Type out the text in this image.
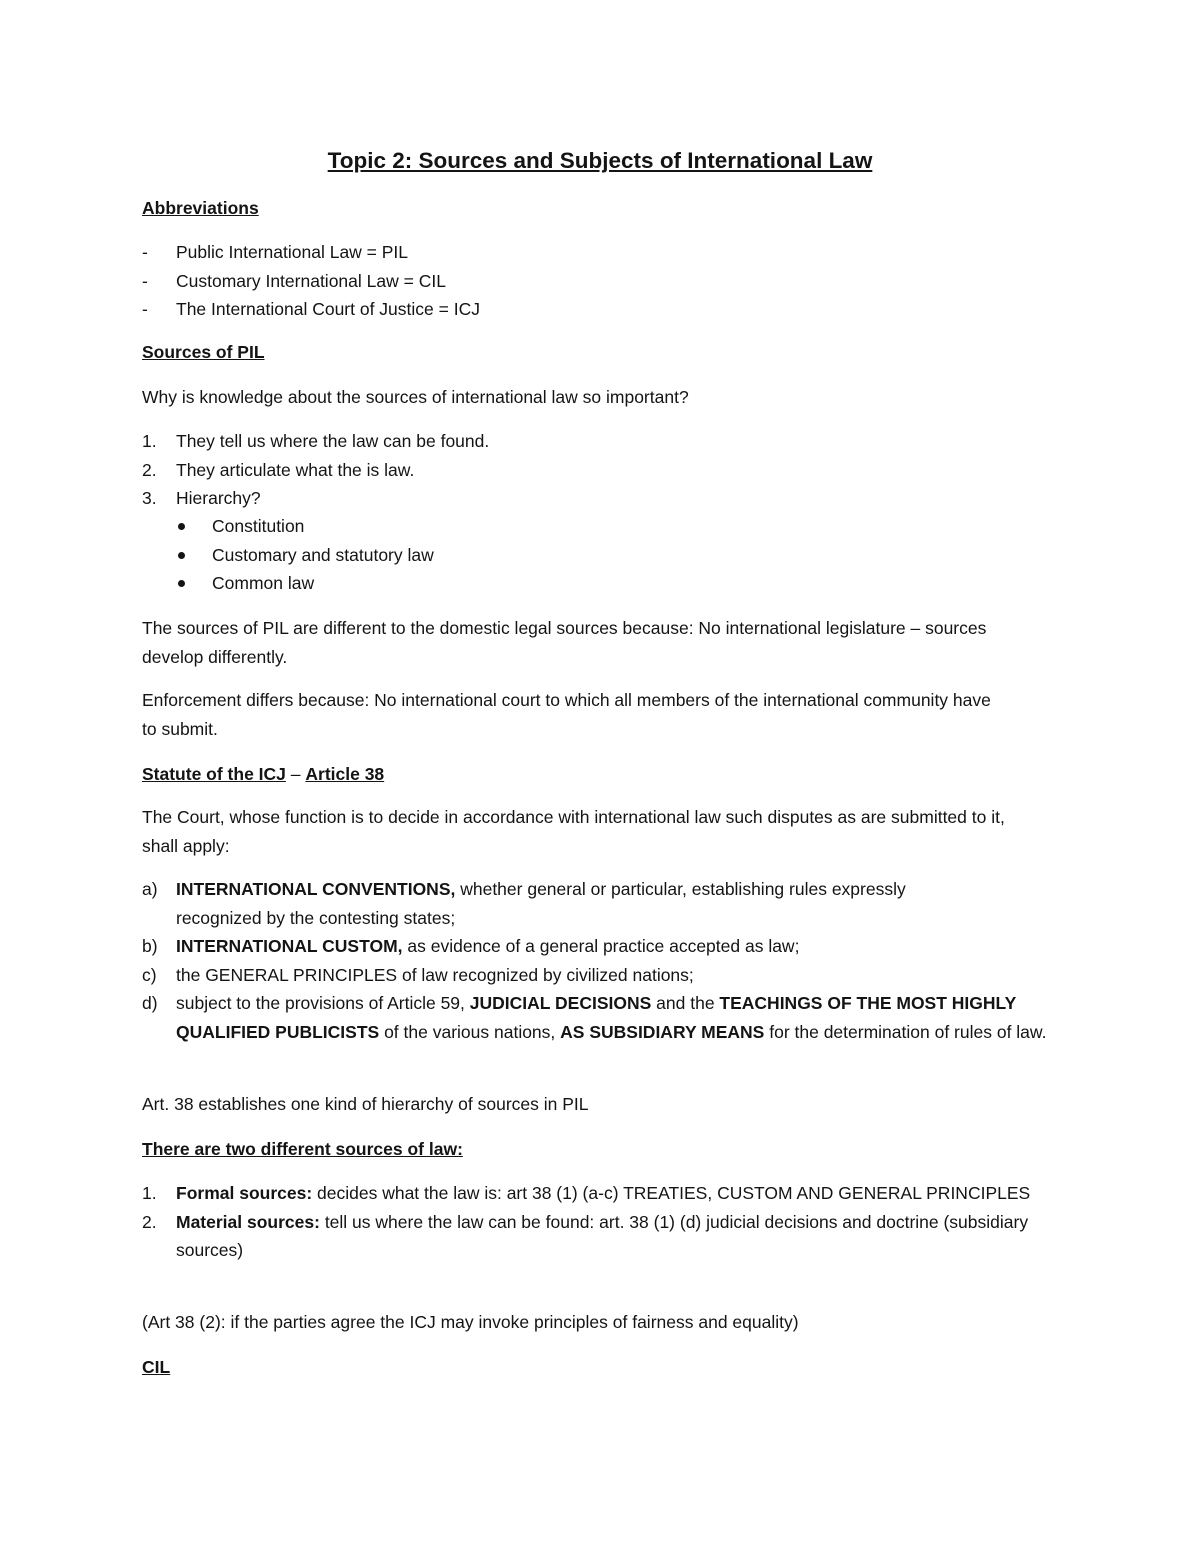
Topic 2: Sources and Subjects of International Law

Abbreviations

- Public International Law = PIL
- Customary International Law = CIL
- The International Court of Justice = ICJ

Sources of PIL

Why is knowledge about the sources of international law so important?

1. They tell us where the law can be found.
2. They articulate what the is law.
3. Hierarchy?
Constitution
Customary and statutory law
Common law

The sources of PIL are different to the domestic legal sources because: No international legislature – sources develop differently.

Enforcement differs because: No international court to which all members of the international community have to submit.

Statute of the ICJ – Article 38

The Court, whose function is to decide in accordance with international law such disputes as are submitted to it, shall apply:

a) INTERNATIONAL CONVENTIONS, whether general or particular, establishing rules expressly recognized by the contesting states;
b) INTERNATIONAL CUSTOM, as evidence of a general practice accepted as law;
c) the GENERAL PRINCIPLES of law recognized by civilized nations;
d) subject to the provisions of Article 59, JUDICIAL DECISIONS and the TEACHINGS OF THE MOST HIGHLY QUALIFIED PUBLICISTS of the various nations, AS SUBSIDIARY MEANS for the determination of rules of law.

Art. 38 establishes one kind of hierarchy of sources in PIL

There are two different sources of law:

1. Formal sources: decides what the law is: art 38 (1) (a-c) TREATIES, CUSTOM AND GENERAL PRINCIPLES
2. Material sources: tell us where the law can be found: art. 38 (1) (d) judicial decisions and doctrine (subsidiary sources)

(Art 38 (2): if the parties agree the ICJ may invoke principles of fairness and equality)

CIL
